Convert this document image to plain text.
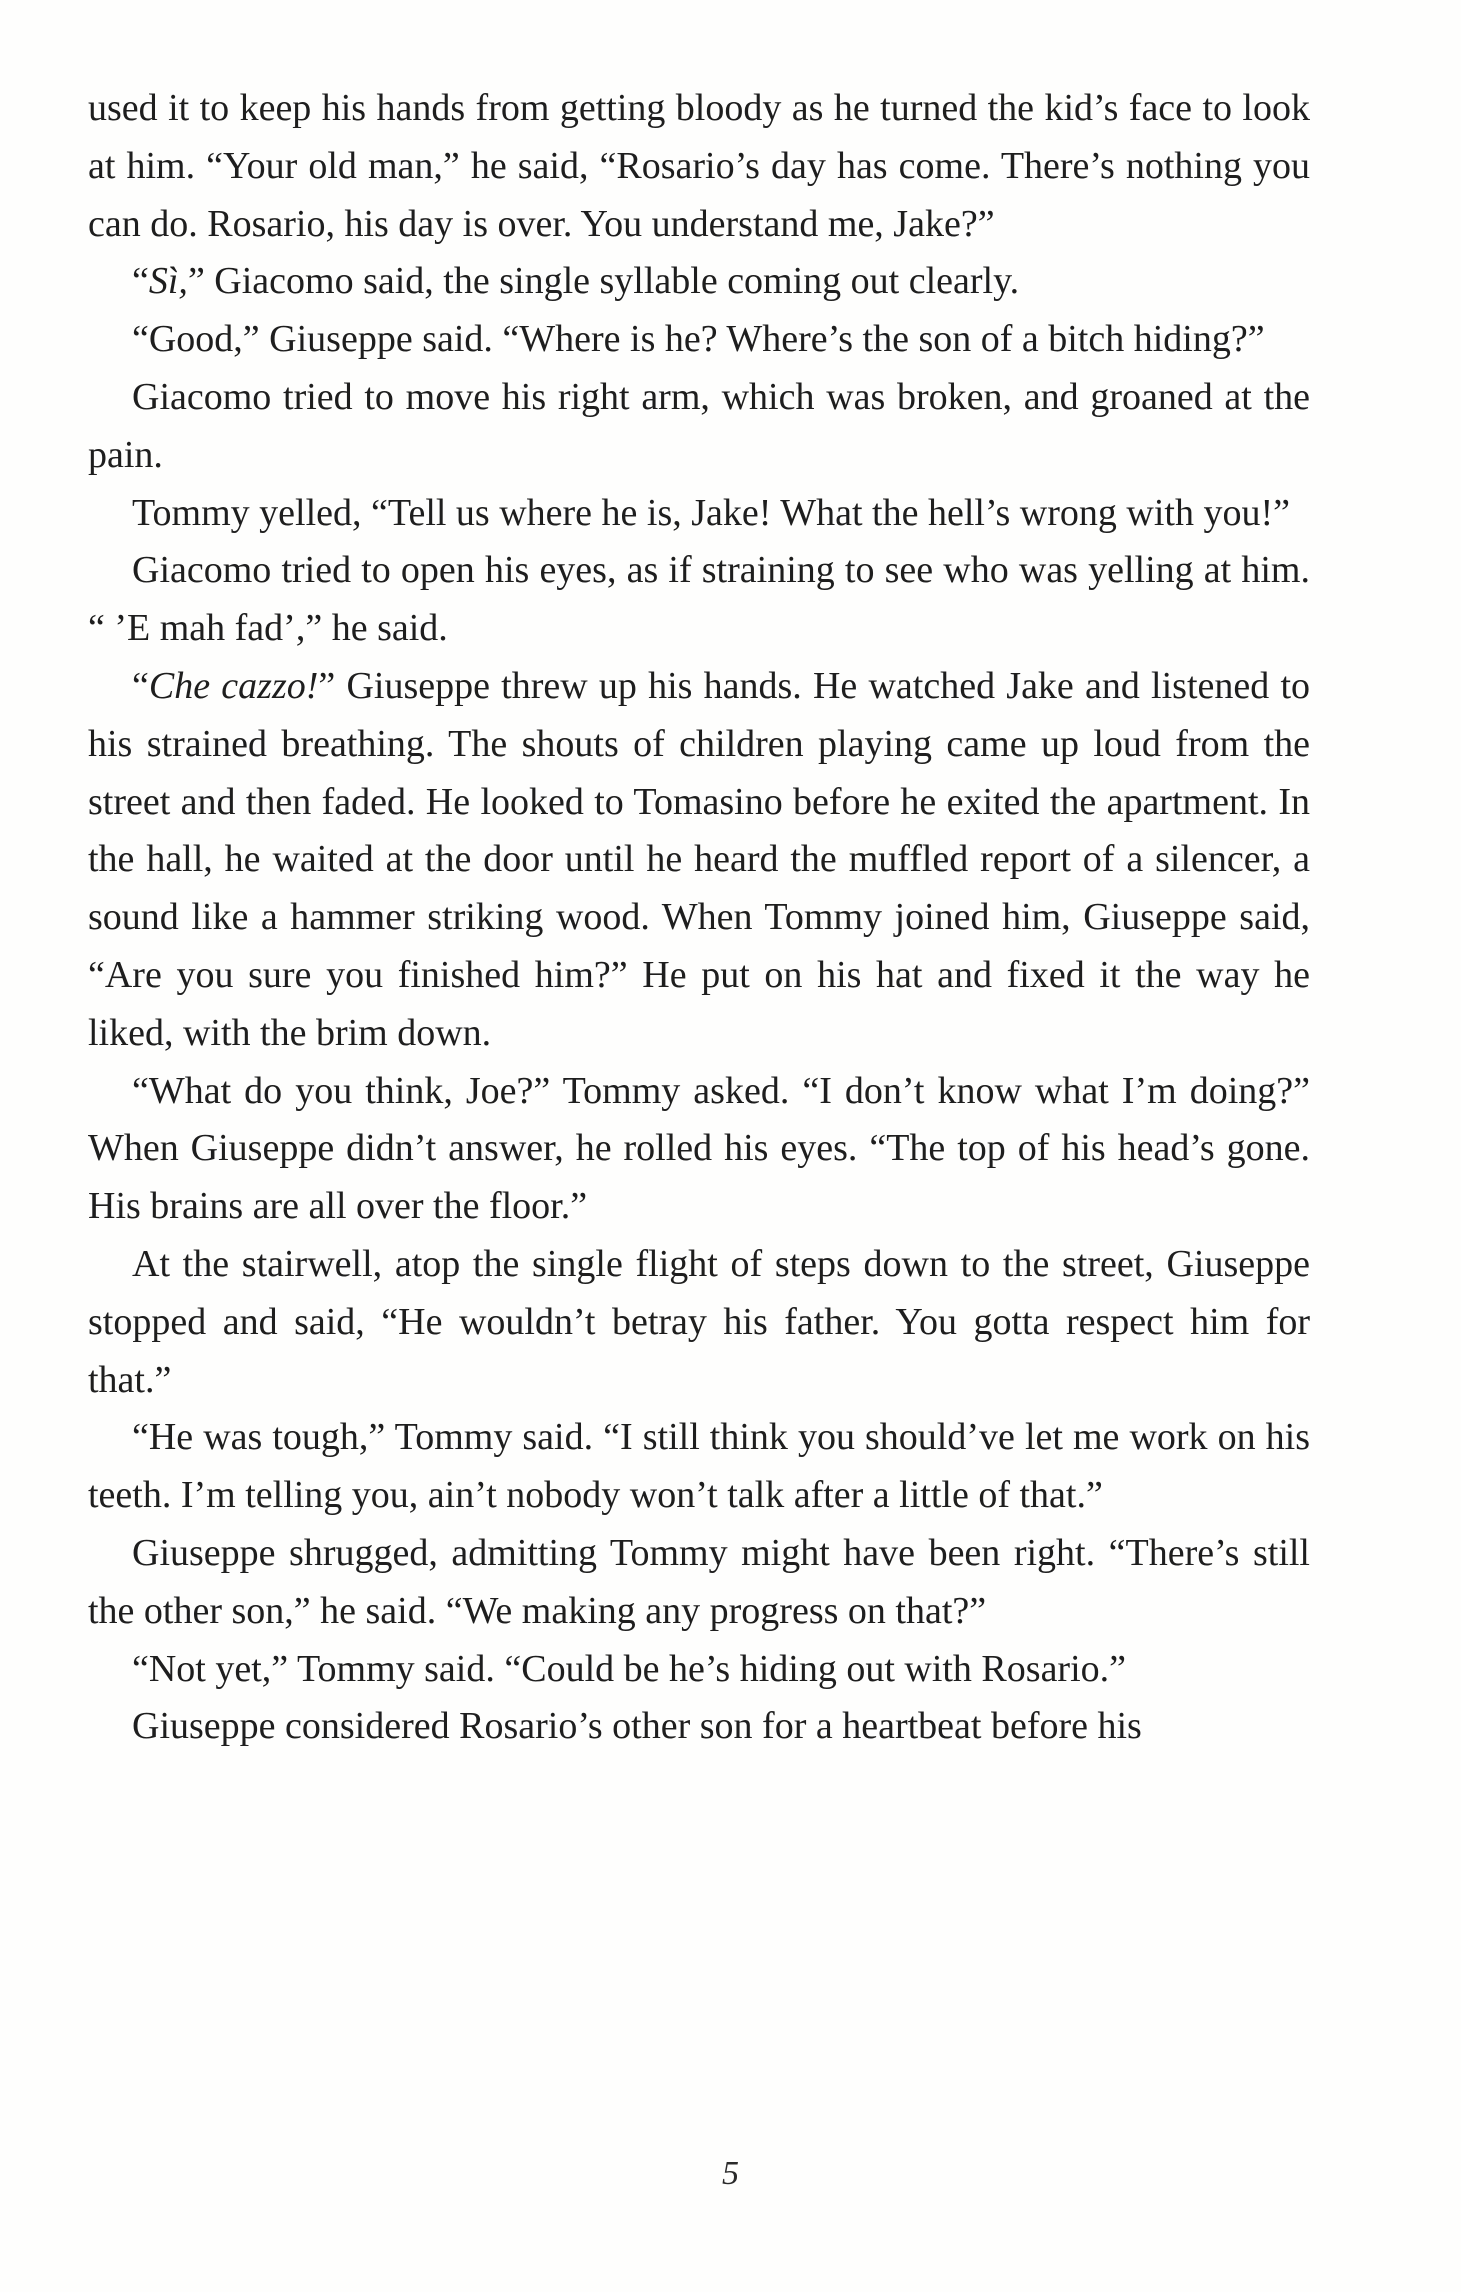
used it to keep his hands from getting bloody as he turned the kid’s face to look at him. “Your old man,” he said, “Rosario’s day has come. There’s nothing you can do. Rosario, his day is over. You understand me, Jake?”

“Sì,” Giacomo said, the single syllable coming out clearly.

“Good,” Giuseppe said. “Where is he? Where’s the son of a bitch hiding?”

Giacomo tried to move his right arm, which was broken, and groaned at the pain.

Tommy yelled, “Tell us where he is, Jake! What the hell’s wrong with you!”

Giacomo tried to open his eyes, as if straining to see who was yelling at him. “ ’E mah fad’,” he said.

“Che cazzo!” Giuseppe threw up his hands. He watched Jake and listened to his strained breathing. The shouts of children playing came up loud from the street and then faded. He looked to Tomasino before he exited the apartment. In the hall, he waited at the door until he heard the muffled report of a silencer, a sound like a hammer striking wood. When Tommy joined him, Giuseppe said, “Are you sure you finished him?” He put on his hat and fixed it the way he liked, with the brim down.

“What do you think, Joe?” Tommy asked. “I don’t know what I’m doing?” When Giuseppe didn’t answer, he rolled his eyes. “The top of his head’s gone. His brains are all over the floor.”

At the stairwell, atop the single flight of steps down to the street, Giuseppe stopped and said, “He wouldn’t betray his father. You gotta respect him for that.”

“He was tough,” Tommy said. “I still think you should’ve let me work on his teeth. I’m telling you, ain’t nobody won’t talk after a little of that.”

Giuseppe shrugged, admitting Tommy might have been right. “There’s still the other son,” he said. “We making any progress on that?”

“Not yet,” Tommy said. “Could be he’s hiding out with Rosario.”

Giuseppe considered Rosario’s other son for a heartbeat before his

5
